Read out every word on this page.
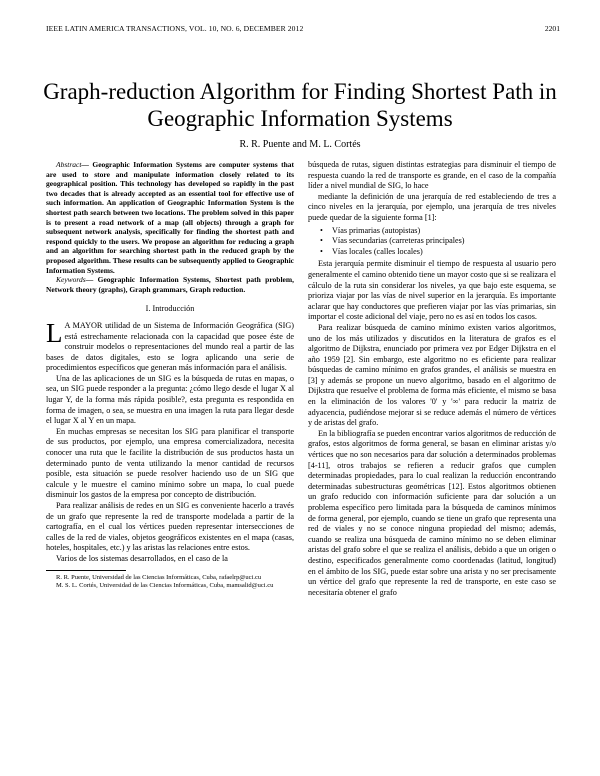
IEEE LATIN AMERICA TRANSACTIONS, VOL. 10, NO. 6, DECEMBER 2012	2201
Graph-reduction Algorithm for Finding Shortest Path in Geographic Information Systems
R. R. Puente and M. L. Cortés

Abstract— Geographic Information Systems are computer systems that are used to store and manipulate information closely related to its geographical position. This technology has developed so rapidly in the past two decades that is already accepted as an essential tool for effective use of such information. An application of Geographic Information System is the shortest path search between two locations. The problem solved in this paper is to present a road network of a map (all objects) through a graph for subsequent network analysis, specifically for finding the shortest path and respond quickly to the users. We propose an algorithm for reducing a graph and an algorithm for searching shortest path in the reduced graph by the proposed algorithm. These results can be subsequently applied to Geographic Information Systems.

Keywords— Geographic Information Systems, Shortest path problem, Network theory (graphs), Graph grammars, Graph reduction.

I. Introducción

L A MAYOR utilidad de un Sistema de Información Geográfica (SIG) está estrechamente relacionada con la capacidad que posee éste de construir modelos o representaciones del mundo real a partir de las bases de datos digitales, esto se logra aplicando una serie de procedimientos específicos que generan más información para el análisis.

Una de las aplicaciones de un SIG es la búsqueda de rutas en mapas, o sea, un SIG puede responder a la pregunta: ¿cómo llego desde el lugar X al lugar Y, de la forma más rápida posible?, esta pregunta es respondida en forma de imagen, o sea, se muestra en una imagen la ruta para llegar desde el lugar X al Y en un mapa.

En muchas empresas se necesitan los SIG para planificar el transporte de sus productos, por ejemplo, una empresa comercializadora, necesita conocer una ruta que le facilite la distribución de sus productos hasta un determinado punto de venta utilizando la menor cantidad de recursos posible, esta situación se puede resolver haciendo uso de un SIG que calcule y le muestre el camino mínimo sobre un mapa, lo cual puede disminuir los gastos de la empresa por concepto de distribución.

Para realizar análisis de redes en un SIG es conveniente hacerlo a través de un grafo que represente la red de transporte modelada a partir de la cartografía, en el cual los vértices pueden representar intersecciones de calles de la red de viales, objetos geográficos existentes en el mapa (casas, hoteles, hospitales, etc.) y las aristas las relaciones entre estos.

Varios de los sistemas desarrollados, en el caso de la

R. R. Puente, Universidad de las Ciencias Informáticas, Cuba, rafaelrp@uci.cu

M. S. L. Cortés, Universidad de las Ciencias Informáticas, Cuba, mamsalid@uci.cu

búsqueda de rutas, siguen distintas estrategias para disminuir el tiempo de respuesta cuando la red de transporte es grande, en el caso de la compañía líder a nivel mundial de SIG, lo hace

mediante la definición de una jerarquía de red estableciendo de tres a cinco niveles en la jerarquía, por ejemplo, una jerarquía de tres niveles puede quedar de la siguiente forma [1]:

• Vías primarias (autopistas)
• Vías secundarias (carreteras principales)
• Vías locales (calles locales)

Esta jerarquía permite disminuir el tiempo de respuesta al usuario pero generalmente el camino obtenido tiene un mayor costo que si se realizara el cálculo de la ruta sin considerar los niveles, ya que bajo este esquema, se prioriza viajar por las vías de nivel superior en la jerarquía. Es importante aclarar que hay conductores que prefieren viajar por las vías primarias, sin importar el coste adicional del viaje, pero no es así en todos los casos.

Para realizar búsqueda de camino mínimo existen varios algoritmos, uno de los más utilizados y discutidos en la literatura de grafos es el algoritmo de Dijkstra, enunciado por primera vez por Edger Dijkstra en el año 1959 [2]. Sin embargo, este algoritmo no es eficiente para realizar búsquedas de camino mínimo en grafos grandes, el análisis se muestra en [3] y además se propone un nuevo algoritmo, basado en el algoritmo de Dijkstra que resuelve el problema de forma más eficiente, el mismo se basa en la eliminación de los valores '0' y '∞' para reducir la matriz de adyacencia, pudiéndose mejorar si se reduce además el número de vértices y de aristas del grafo.

En la bibliografía se pueden encontrar varios algoritmos de reducción de grafos, estos algoritmos de forma general, se basan en eliminar aristas y/o vértices que no son necesarios para dar solución a determinados problemas [4-11], otros trabajos se refieren a reducir grafos que cumplen determinadas propiedades, para lo cual realizan la reducción encontrando determinadas subestructuras geométricas [12]. Estos algoritmos obtienen un grafo reducido con información suficiente para dar solución a un problema específico pero limitada para la búsqueda de caminos mínimos de forma general, por ejemplo, cuando se tiene un grafo que representa una red de viales y no se conoce ninguna propiedad del mismo; además, cuando se realiza una búsqueda de camino mínimo no se deben eliminar aristas del grafo sobre el que se realiza el análisis, debido a que un origen o destino, especificados generalmente como coordenadas (latitud, longitud) en el ámbito de los SIG, puede estar sobre una arista y no ser precisamente un vértice del grafo que represente la red de transporte, en este caso se necesitaría obtener el grafo
